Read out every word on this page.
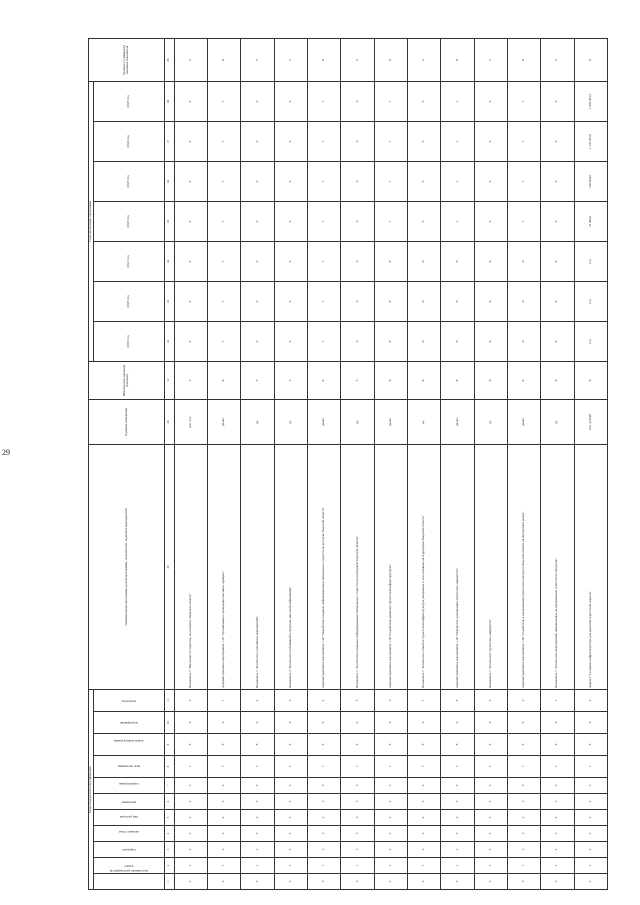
29
Коды бюджетной классификации											Наименование программы, целей программы, показателей, заданий и мероприятий	Единица измерения	Фактическое значение (базовое)	Годы реализации программы							Целевое (суммарное) значение показателя
код главного распорядителя	раздел	подраздел	целевая статья	вид расходов	программа	подпрограмма	цель программы	задача подпрограммы	мероприятие	показатель				2019 год	2020 год	2021 год	2022 год	2023 год	2024 год	2025 год	
1	2	3	4	5	6	7	8	9	10	11	29	30	31	32	33	34	35	36	37	38	38
0	1	2	3	4	5	6	7	8	9	0	Показатель 1 "Численность туристов, посетивших Тверскую область"	тыс. чел.	0	0	0	0	0	0	0	0	0
0	1	2	3	4	5	6	7	8	9	1	Административное мероприятие 1.01 "Организация и проведение выставок, ярмарок"	да/нет	X	1	1	1	1	1	1	1	X
0	1	2	3	4	5	6	7	8	9	2	Показатель 1 "Количество участников мероприятий"	ед.	0	0	0	0	0	0	0	0	0
0	1	2	3	4	5	6	7	8	9	3	Показатель 2 "Количество публикаций в средствах массовой информации"	ед.	0	0	0	0	0	0	0	0	0
0	1	2	3	4	5	6	7	8	9	4	Административное мероприятие 1.02 "Разработка и издание информационных материалов о туристских ресурсах Тверской области"	да/нет	X	1	1	1	1	1	1	1	X
0	1	2	3	4	5	6	7	8	9	5	Показатель 1 "Количество изданных информационных материалов о туристском потенциале Тверской области"	ед.	0	0	0	0	0	0	0	0	0
0	1	2	3	4	5	6	7	8	9	6	Административное мероприятие 1.03 "Содействие развитию туристской инфраструктуры"	да/нет	X	X	X	X	1	1	1	1	X
0	1	2	3	4	5	6	7	8	9	7	Показатель 1 "Количество объектов туристской инфраструктуры, введенных в эксплуатацию на территории Тверской области"	ед.	X	X	X	X	0	0	0	0	0
0	1	2	3	4	5	6	7	8	9	8	Административное мероприятие 1.04 "Разработка и реализация туристских маршрутов"	да/нет	X	X	X	X	1	1	1	1	X
0	1	2	3	4	5	6	7	8	9	9	Показатель 1 "Количество туристских маршрутов"	ед.	X	X	X	X	0	0	0	0	0
0	1	2	3	4	5	6	7	8	9	0	Административное мероприятие 1.05 "Содействие в продвижении туристского продукта Тверской области на внутреннем рынке"	да/нет	X	X	X	X	1	1	1	1	X
0	1	2	3	4	5	6	7	8	9	1	Показатель 1 "Количество мероприятий, направленных на продвижение туристского продукта"	ед.	X	X	X	X	0	0	0	0	0
0	1	2	3	4	5	6	7	8	9	2	Задача 2 "Создание инфраструктуры для развития туристской отрасли"	тыс. рублей	X	0,0	0,0	0,0	31 480,0	108 900,0	1 131 482,9	1 003 603,3	X
